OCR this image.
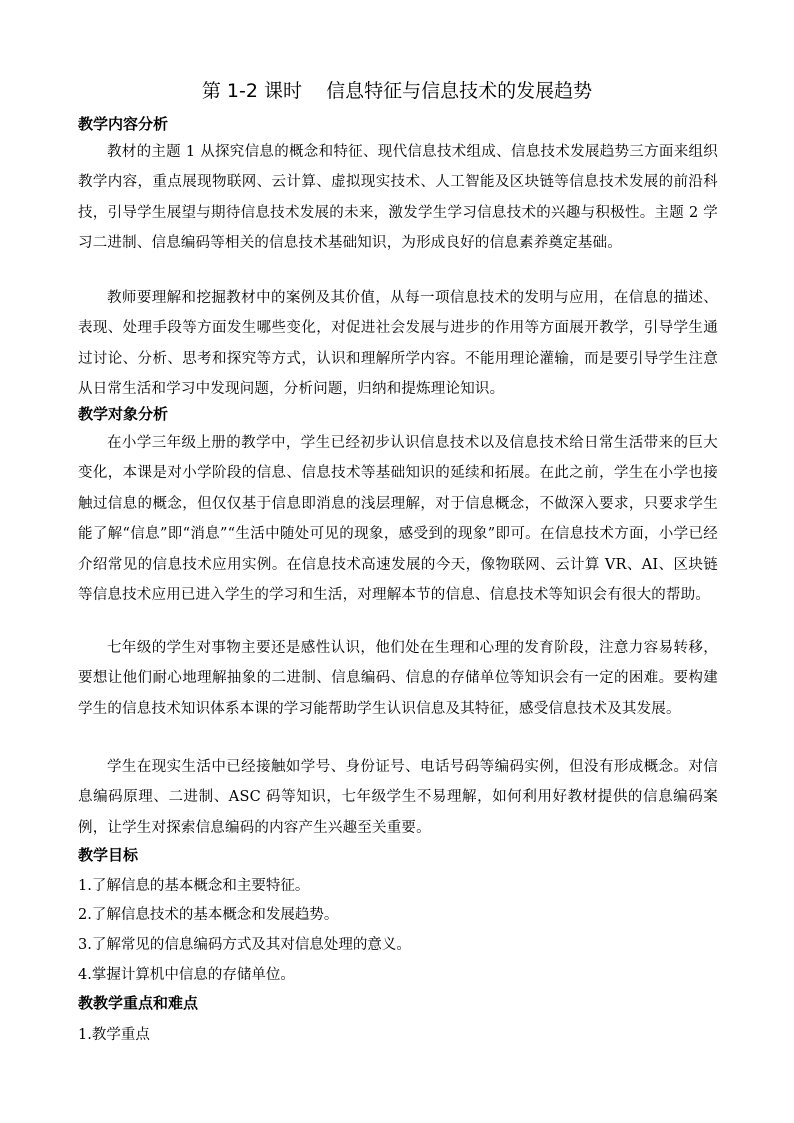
第 1-2 课时    信息特征与信息技术的发展趋势
教学内容分析

教材的主题 1 从探究信息的概念和特征、现代信息技术组成、信息技术发展趋势三方面来组织教学内容，重点展现物联网、云计算、虚拟现实技术、人工智能及区块链等信息技术发展的前沿科技，引导学生展望与期待信息技术发展的未来，激发学生学习信息技术的兴趣与积极性。主题 2 学习二进制、信息编码等相关的信息技术基础知识，为形成良好的信息素养奠定基础。

教师要理解和挖掘教材中的案例及其价值，从每一项信息技术的发明与应用，在信息的描述、表现、处理手段等方面发生哪些变化，对促进社会发展与进步的作用等方面展开教学，引导学生通过讨论、分析、思考和探究等方式，认识和理解所学内容。不能用理论灌输，而是要引导学生注意从日常生活和学习中发现问题，分析问题，归纳和提炼理论知识。

教学对象分析

在小学三年级上册的教学中，学生已经初步认识信息技术以及信息技术给日常生活带来的巨大变化，本课是对小学阶段的信息、信息技术等基础知识的延续和拓展。在此之前，学生在小学也接触过信息的概念，但仅仅基于信息即消息的浅层理解，对于信息概念，不做深入要求，只要求学生能了解“信息”即“消息”“生活中随处可见的现象，感受到的现象”即可。在信息技术方面，小学已经介绍常见的信息技术应用实例。在信息技术高速发展的今天，像物联网、云计算 VR、AI、区块链等信息技术应用已进入学生的学习和生活，对理解本节的信息、信息技术等知识会有很大的帮助。

七年级的学生对事物主要还是感性认识，他们处在生理和心理的发育阶段，注意力容易转移，要想让他们耐心地理解抽象的二进制、信息编码、信息的存储单位等知识会有一定的困难。要构建学生的信息技术知识体系本课的学习能帮助学生认识信息及其特征，感受信息技术及其发展。

学生在现实生活中已经接触如学号、身份证号、电话号码等编码实例，但没有形成概念。对信息编码原理、二进制、ASC 码等知识，七年级学生不易理解，如何利用好教材提供的信息编码案例，让学生对探索信息编码的内容产生兴趣至关重要。

教学目标
1.了解信息的基本概念和主要特征。
2.了解信息技术的基本概念和发展趋势。
3.了解常见的信息编码方式及其对信息处理的意义。
4.掌握计算机中信息的存储单位。
教教学重点和难点
1.教学重点
